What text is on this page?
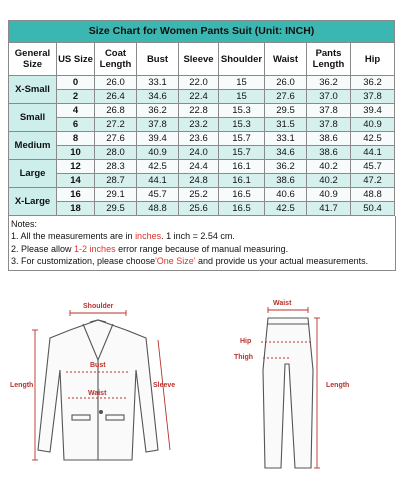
Size Chart for Women Pants Suit (Unit: INCH)								
General Size	US Size	Coat Length	Bust	Sleeve	Shoulder	Waist	Pants Length	Hip
X-Small	0	26.0	33.1	22.0	15	26.0	36.2	36.2
	2	26.4	34.6	22.4	15	27.6	37.0	37.8
Small	4	26.8	36.2	22.8	15.3	29.5	37.8	39.4
	6	27.2	37.8	23.2	15.3	31.5	37.8	40.9
Medium	8	27.6	39.4	23.6	15.7	33.1	38.6	42.5
	10	28.0	40.9	24.0	15.7	34.6	38.6	44.1
Large	12	28.3	42.5	24.4	16.1	36.2	40.2	45.7
	14	28.7	44.1	24.8	16.1	38.6	40.2	47.2
X-Large	16	29.1	45.7	25.2	16.5	40.6	40.9	48.8
	18	29.5	48.8	25.6	16.5	42.5	41.7	50.4
Notes:
1. All the measurements are in inches. 1 inch = 2.54 cm.
2. Please allow 1-2 inches error range because of manual measuring.
3. For customization, please choose'One Size' and provide us your actual measurements.
Shoulder
Bust
Waist
Length	Sleeve
Waist
Hip
Thigh
Length
